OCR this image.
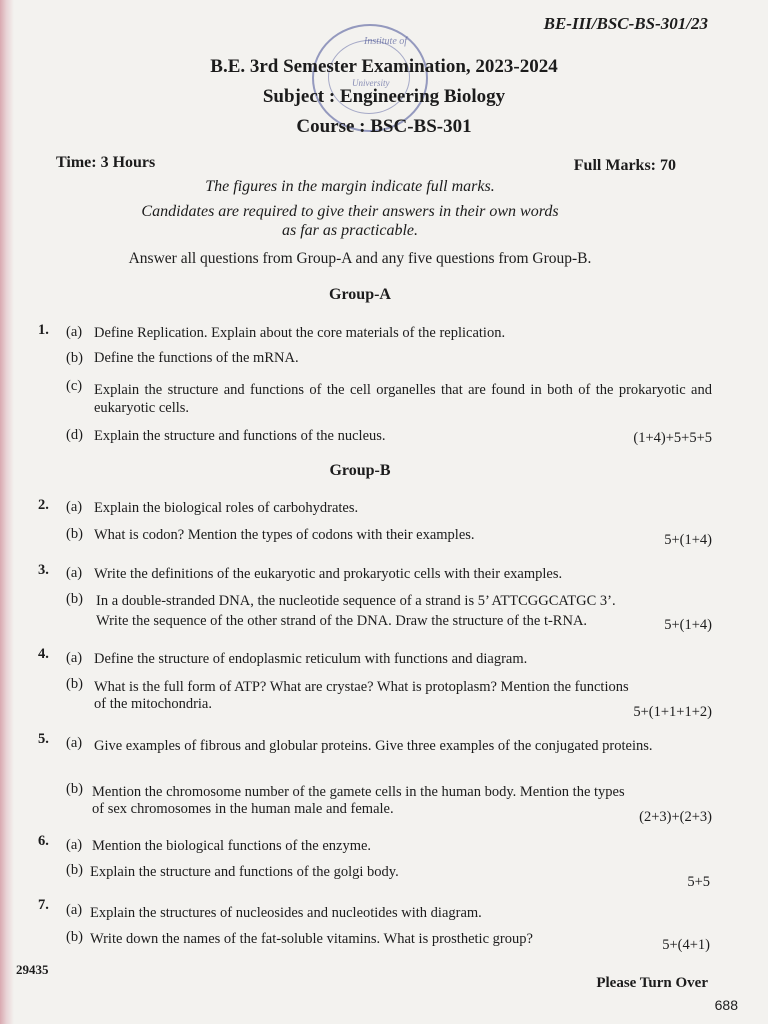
Institute of
University
BE-III/BSC-BS-301/23
B.E. 3rd Semester Examination, 2023-2024
Subject : Engineering Biology
Course : BSC-BS-301
Time: 3 Hours	Full Marks: 70
The figures in the margin indicate full marks.
Candidates are required to give their answers in their own words
as far as practicable.
Answer all questions from Group-A and any five questions from Group-B.
Group-A
1. (a) Define Replication. Explain about the core materials of the replication.
(b) Define the functions of the mRNA.
(c) Explain the structure and functions of the cell organelles that are found in both of the prokaryotic and eukaryotic cells.
(d) Explain the structure and functions of the nucleus.	(1+4)+5+5+5
Group-B
2. (a) Explain the biological roles of carbohydrates.
(b) What is codon? Mention the types of codons with their examples.	5+(1+4)
3. (a) Write the definitions of the eukaryotic and prokaryotic cells with their examples.
(b) In a double-stranded DNA, the nucleotide sequence of a strand is 5’ ATTCGGCATGC 3’.
Write the sequence of the other strand of the DNA. Draw the structure of the t-RNA.	5+(1+4)
4. (a) Define the structure of endoplasmic reticulum with functions and diagram.
(b) What is the full form of ATP? What are crystae? What is protoplasm? Mention the functions
of the mitochondria.	5+(1+1+1+2)
5. (a) Give examples of fibrous and globular proteins. Give three examples of the conjugated proteins.
(b) Mention the chromosome number of the gamete cells in the human body. Mention the types
of sex chromosomes in the human male and female.	(2+3)+(2+3)
6. (a) Mention the biological functions of the enzyme.
(b) Explain the structure and functions of the golgi body.
5+5
7. (a) Explain the structures of nucleosides and nucleotides with diagram.
(b) Write down the names of the fat-soluble vitamins. What is prosthetic group?	5+(4+1)
29435
Please Turn Over
688
